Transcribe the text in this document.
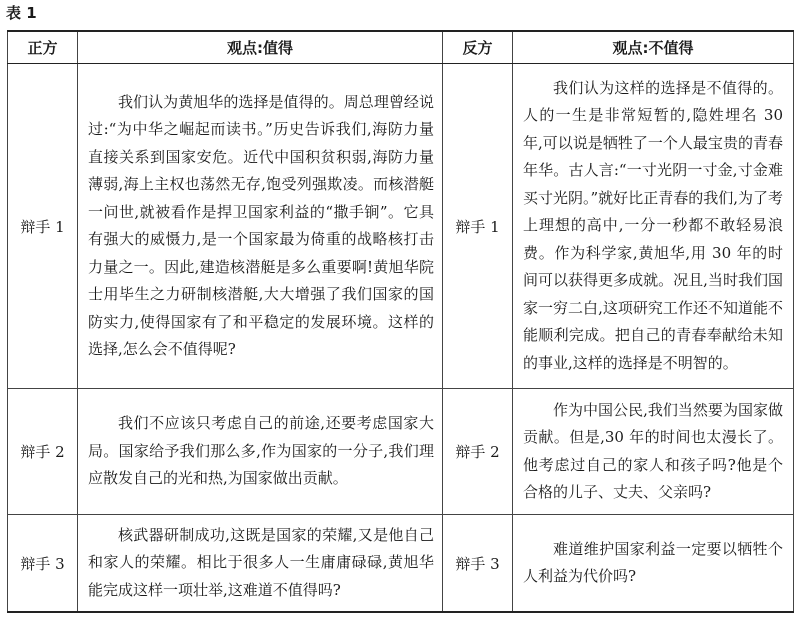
表 1
正方	观点:值得	反方	观点:不值得
辩手 1	我们认为黄旭华的选择是值得的。周总理曾经说过:“为中华之崛起而读书。”历史告诉我们,海防力量直接关系到国家安危。近代中国积贫积弱,海防力量薄弱,海上主权也荡然无存,饱受列强欺凌。而核潜艇一问世,就被看作是捍卫国家利益的“撒手锏”。它具有强大的威慑力,是一个国家最为倚重的战略核打击力量之一。因此,建造核潜艇是多么重要啊!黄旭华院士用毕生之力研制核潜艇,大大增强了我们国家的国防实力,使得国家有了和平稳定的发展环境。这样的选择,怎么会不值得呢?	辩手 1	我们认为这样的选择是不值得的。人的一生是非常短暂的,隐姓埋名 30 年,可以说是牺牲了一个人最宝贵的青春年华。古人言:“一寸光阴一寸金,寸金难买寸光阴。”就好比正青春的我们,为了考上理想的高中,一分一秒都不敢轻易浪费。作为科学家,黄旭华,用 30 年的时间可以获得更多成就。况且,当时我们国家一穷二白,这项研究工作还不知道能不能顺利完成。把自己的青春奉献给未知的事业,这样的选择是不明智的。
辩手 2	我们不应该只考虑自己的前途,还要考虑国家大局。国家给予我们那么多,作为国家的一分子,我们理应散发自己的光和热,为国家做出贡献。	辩手 2	作为中国公民,我们当然要为国家做贡献。但是,30 年的时间也太漫长了。他考虑过自己的家人和孩子吗?他是个合格的儿子、丈夫、父亲吗?
辩手 3	核武器研制成功,这既是国家的荣耀,又是他自己和家人的荣耀。相比于很多人一生庸庸碌碌,黄旭华能完成这样一项壮举,这难道不值得吗?	辩手 3	难道维护国家利益一定要以牺牲个人利益为代价吗?
